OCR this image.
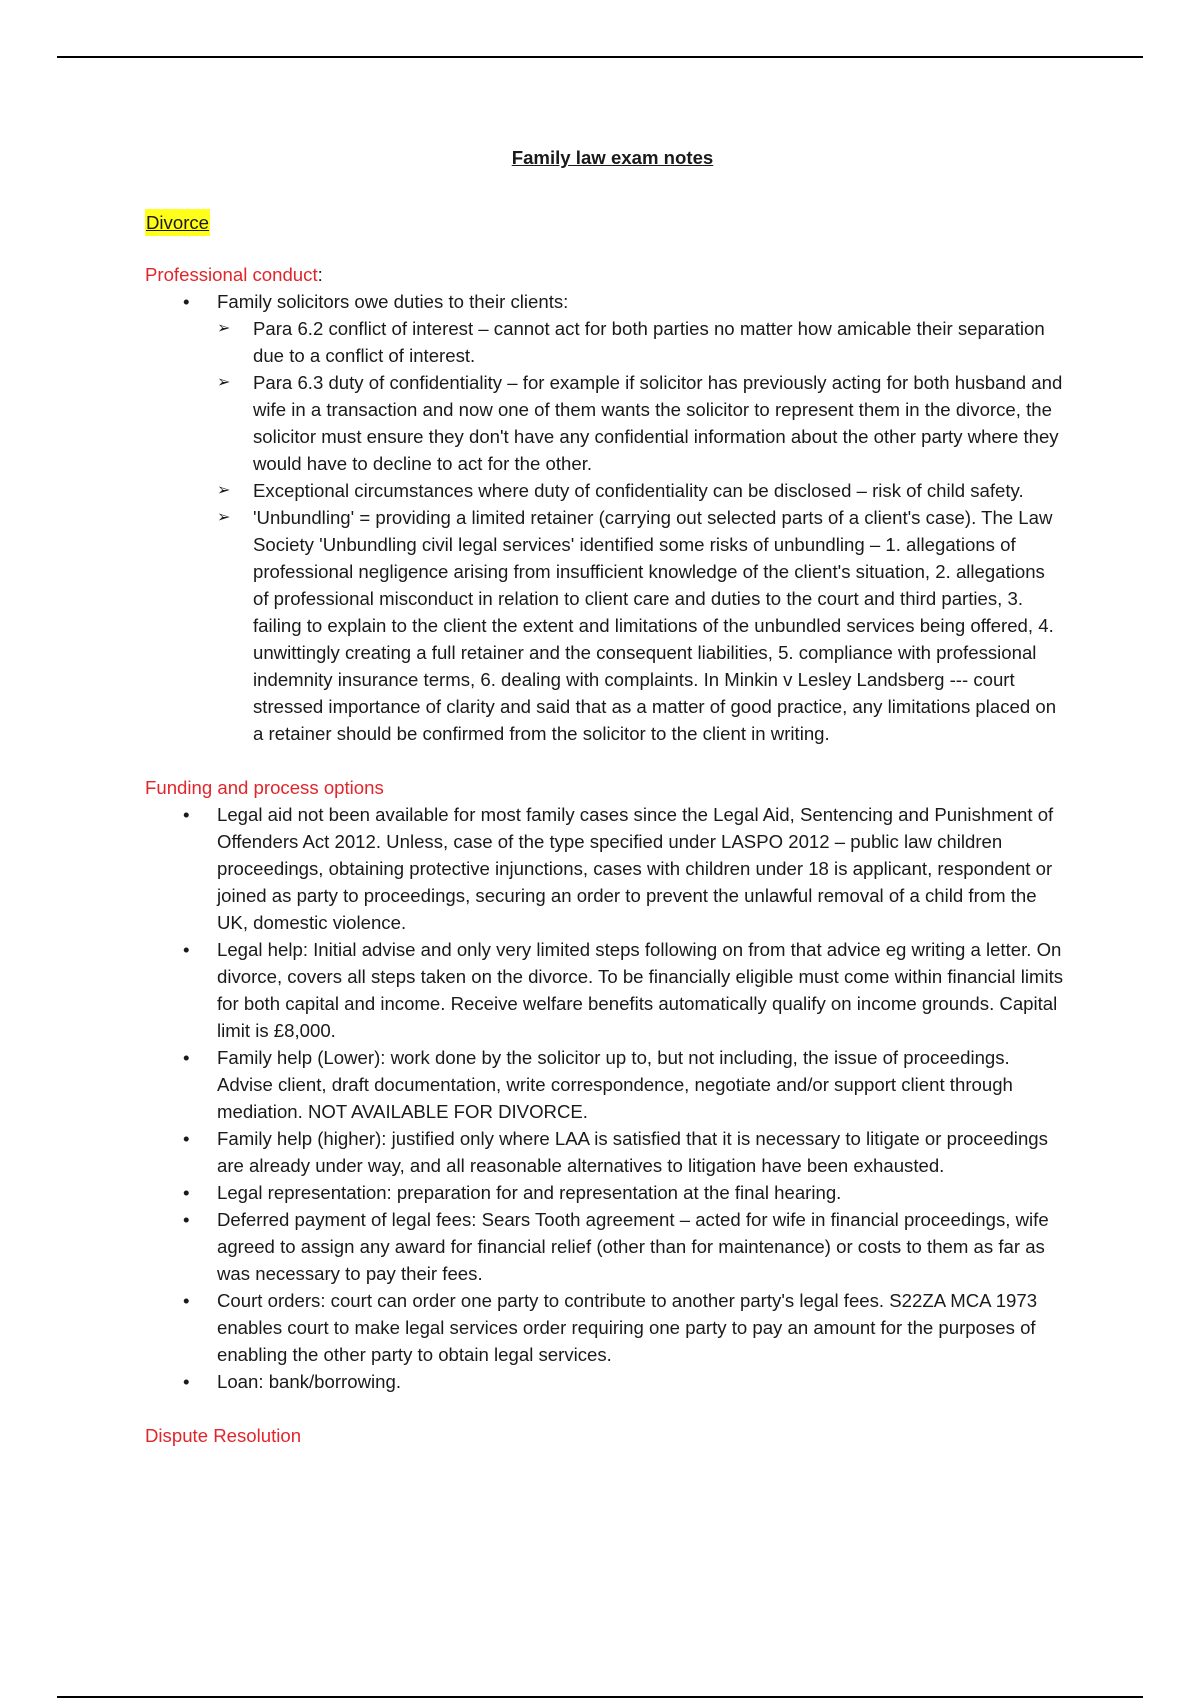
Family law exam notes
Divorce
Professional conduct:
• Family solicitors owe duties to their clients:
➢ Para 6.2 conflict of interest – cannot act for both parties no matter how amicable their separation due to a conflict of interest.
➢ Para 6.3 duty of confidentiality – for example if solicitor has previously acting for both husband and wife in a transaction and now one of them wants the solicitor to represent them in the divorce, the solicitor must ensure they don't have any confidential information about the other party where they would have to decline to act for the other.
➢ Exceptional circumstances where duty of confidentiality can be disclosed – risk of child safety.
➢ 'Unbundling' = providing a limited retainer (carrying out selected parts of a client's case). The Law Society 'Unbundling civil legal services' identified some risks of unbundling – 1. allegations of professional negligence arising from insufficient knowledge of the client's situation, 2. allegations of professional misconduct in relation to client care and duties to the court and third parties, 3. failing to explain to the client the extent and limitations of the unbundled services being offered, 4. unwittingly creating a full retainer and the consequent liabilities, 5. compliance with professional indemnity insurance terms, 6. dealing with complaints. In Minkin v Lesley Landsberg --- court stressed importance of clarity and said that as a matter of good practice, any limitations placed on a retainer should be confirmed from the solicitor to the client in writing.
Funding and process options
• Legal aid not been available for most family cases since the Legal Aid, Sentencing and Punishment of Offenders Act 2012. Unless, case of the type specified under LASPO 2012 – public law children proceedings, obtaining protective injunctions, cases with children under 18 is applicant, respondent or joined as party to proceedings, securing an order to prevent the unlawful removal of a child from the UK, domestic violence.
• Legal help: Initial advise and only very limited steps following on from that advice eg writing a letter. On divorce, covers all steps taken on the divorce. To be financially eligible must come within financial limits for both capital and income. Receive welfare benefits automatically qualify on income grounds. Capital limit is £8,000.
• Family help (Lower): work done by the solicitor up to, but not including, the issue of proceedings. Advise client, draft documentation, write correspondence, negotiate and/or support client through mediation. NOT AVAILABLE FOR DIVORCE.
• Family help (higher): justified only where LAA is satisfied that it is necessary to litigate or proceedings are already under way, and all reasonable alternatives to litigation have been exhausted.
• Legal representation: preparation for and representation at the final hearing.
• Deferred payment of legal fees: Sears Tooth agreement – acted for wife in financial proceedings, wife agreed to assign any award for financial relief (other than for maintenance) or costs to them as far as was necessary to pay their fees.
• Court orders: court can order one party to contribute to another party's legal fees. S22ZA MCA 1973 enables court to make legal services order requiring one party to pay an amount for the purposes of enabling the other party to obtain legal services.
• Loan: bank/borrowing.
Dispute Resolution
